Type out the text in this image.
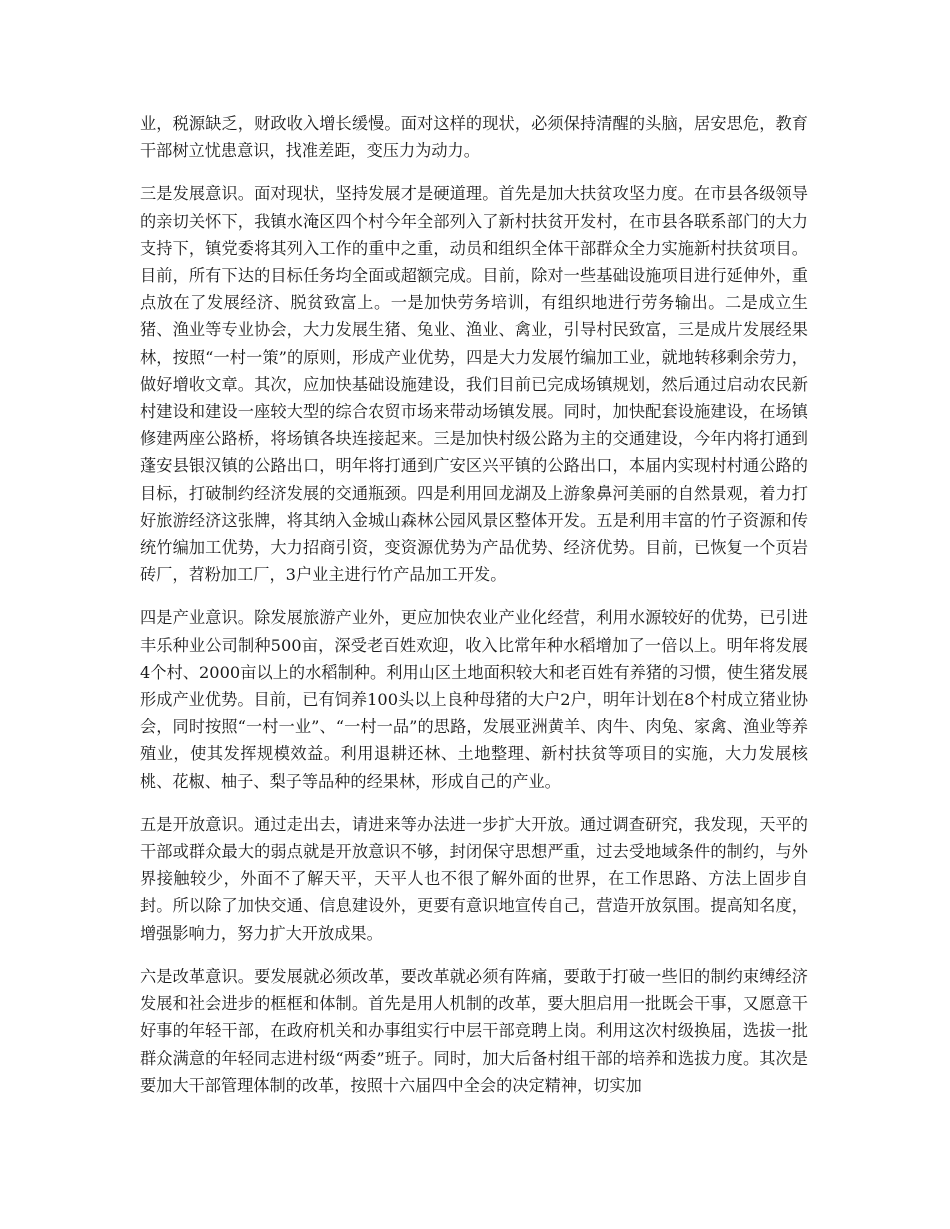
业，税源缺乏，财政收入增长缓慢。面对这样的现状，必须保持清醒的头脑，居安思危，教育干部树立忧患意识，找准差距，变压力为动力。

三是发展意识。面对现状，坚持发展才是硬道理。首先是加大扶贫攻坚力度。在市县各级领导的亲切关怀下，我镇水淹区四个村今年全部列入了新村扶贫开发村，在市县各联系部门的大力支持下，镇党委将其列入工作的重中之重，动员和组织全体干部群众全力实施新村扶贫项目。目前，所有下达的目标任务均全面或超额完成。目前，除对一些基础设施项目进行延伸外，重点放在了发展经济、脱贫致富上。一是加快劳务培训，有组织地进行劳务输出。二是成立生猪、渔业等专业协会，大力发展生猪、兔业、渔业、禽业，引导村民致富，三是成片发展经果林，按照“一村一策”的原则，形成产业优势，四是大力发展竹编加工业，就地转移剩余劳力，做好增收文章。其次，应加快基础设施建设，我们目前已完成场镇规划，然后通过启动农民新村建设和建设一座较大型的综合农贸市场来带动场镇发展。同时，加快配套设施建设，在场镇修建两座公路桥，将场镇各块连接起来。三是加快村级公路为主的交通建设，今年内将打通到蓬安县银汉镇的公路出口，明年将打通到广安区兴平镇的公路出口，本届内实现村村通公路的目标，打破制约经济发展的交通瓶颈。四是利用回龙湖及上游象鼻河美丽的自然景观，着力打好旅游经济这张牌，将其纳入金城山森林公园风景区整体开发。五是利用丰富的竹子资源和传统竹编加工优势，大力招商引资，变资源优势为产品优势、经济优势。目前，已恢复一个页岩砖厂，苕粉加工厂，3户业主进行竹产品加工开发。

四是产业意识。除发展旅游产业外，更应加快农业产业化经营，利用水源较好的优势，已引进丰乐种业公司制种500亩，深受老百姓欢迎，收入比常年种水稻增加了一倍以上。明年将发展4个村、2000亩以上的水稻制种。利用山区土地面积较大和老百姓有养猪的习惯，使生猪发展形成产业优势。目前，已有饲养100头以上良种母猪的大户2户，明年计划在8个村成立猪业协会，同时按照“一村一业”、“一村一品”的思路，发展亚洲黄羊、肉牛、肉兔、家禽、渔业等养殖业，使其发挥规模效益。利用退耕还林、土地整理、新村扶贫等项目的实施，大力发展核桃、花椒、柚子、梨子等品种的经果林，形成自己的产业。

五是开放意识。通过走出去，请进来等办法进一步扩大开放。通过调查研究，我发现，天平的干部或群众最大的弱点就是开放意识不够，封闭保守思想严重，过去受地域条件的制约，与外界接触较少，外面不了解天平，天平人也不很了解外面的世界，在工作思路、方法上固步自封。所以除了加快交通、信息建设外，更要有意识地宣传自己，营造开放氛围。提高知名度，增强影响力，努力扩大开放成果。

六是改革意识。要发展就必须改革，要改革就必须有阵痛，要敢于打破一些旧的制约束缚经济发展和社会进步的框框和体制。首先是用人机制的改革，要大胆启用一批既会干事，又愿意干好事的年轻干部，在政府机关和办事组实行中层干部竞聘上岗。利用这次村级换届，选拔一批群众满意的年轻同志进村级“两委”班子。同时，加大后备村组干部的培养和选拔力度。其次是要加大干部管理体制的改革，按照十六届四中全会的决定精神，切实加
